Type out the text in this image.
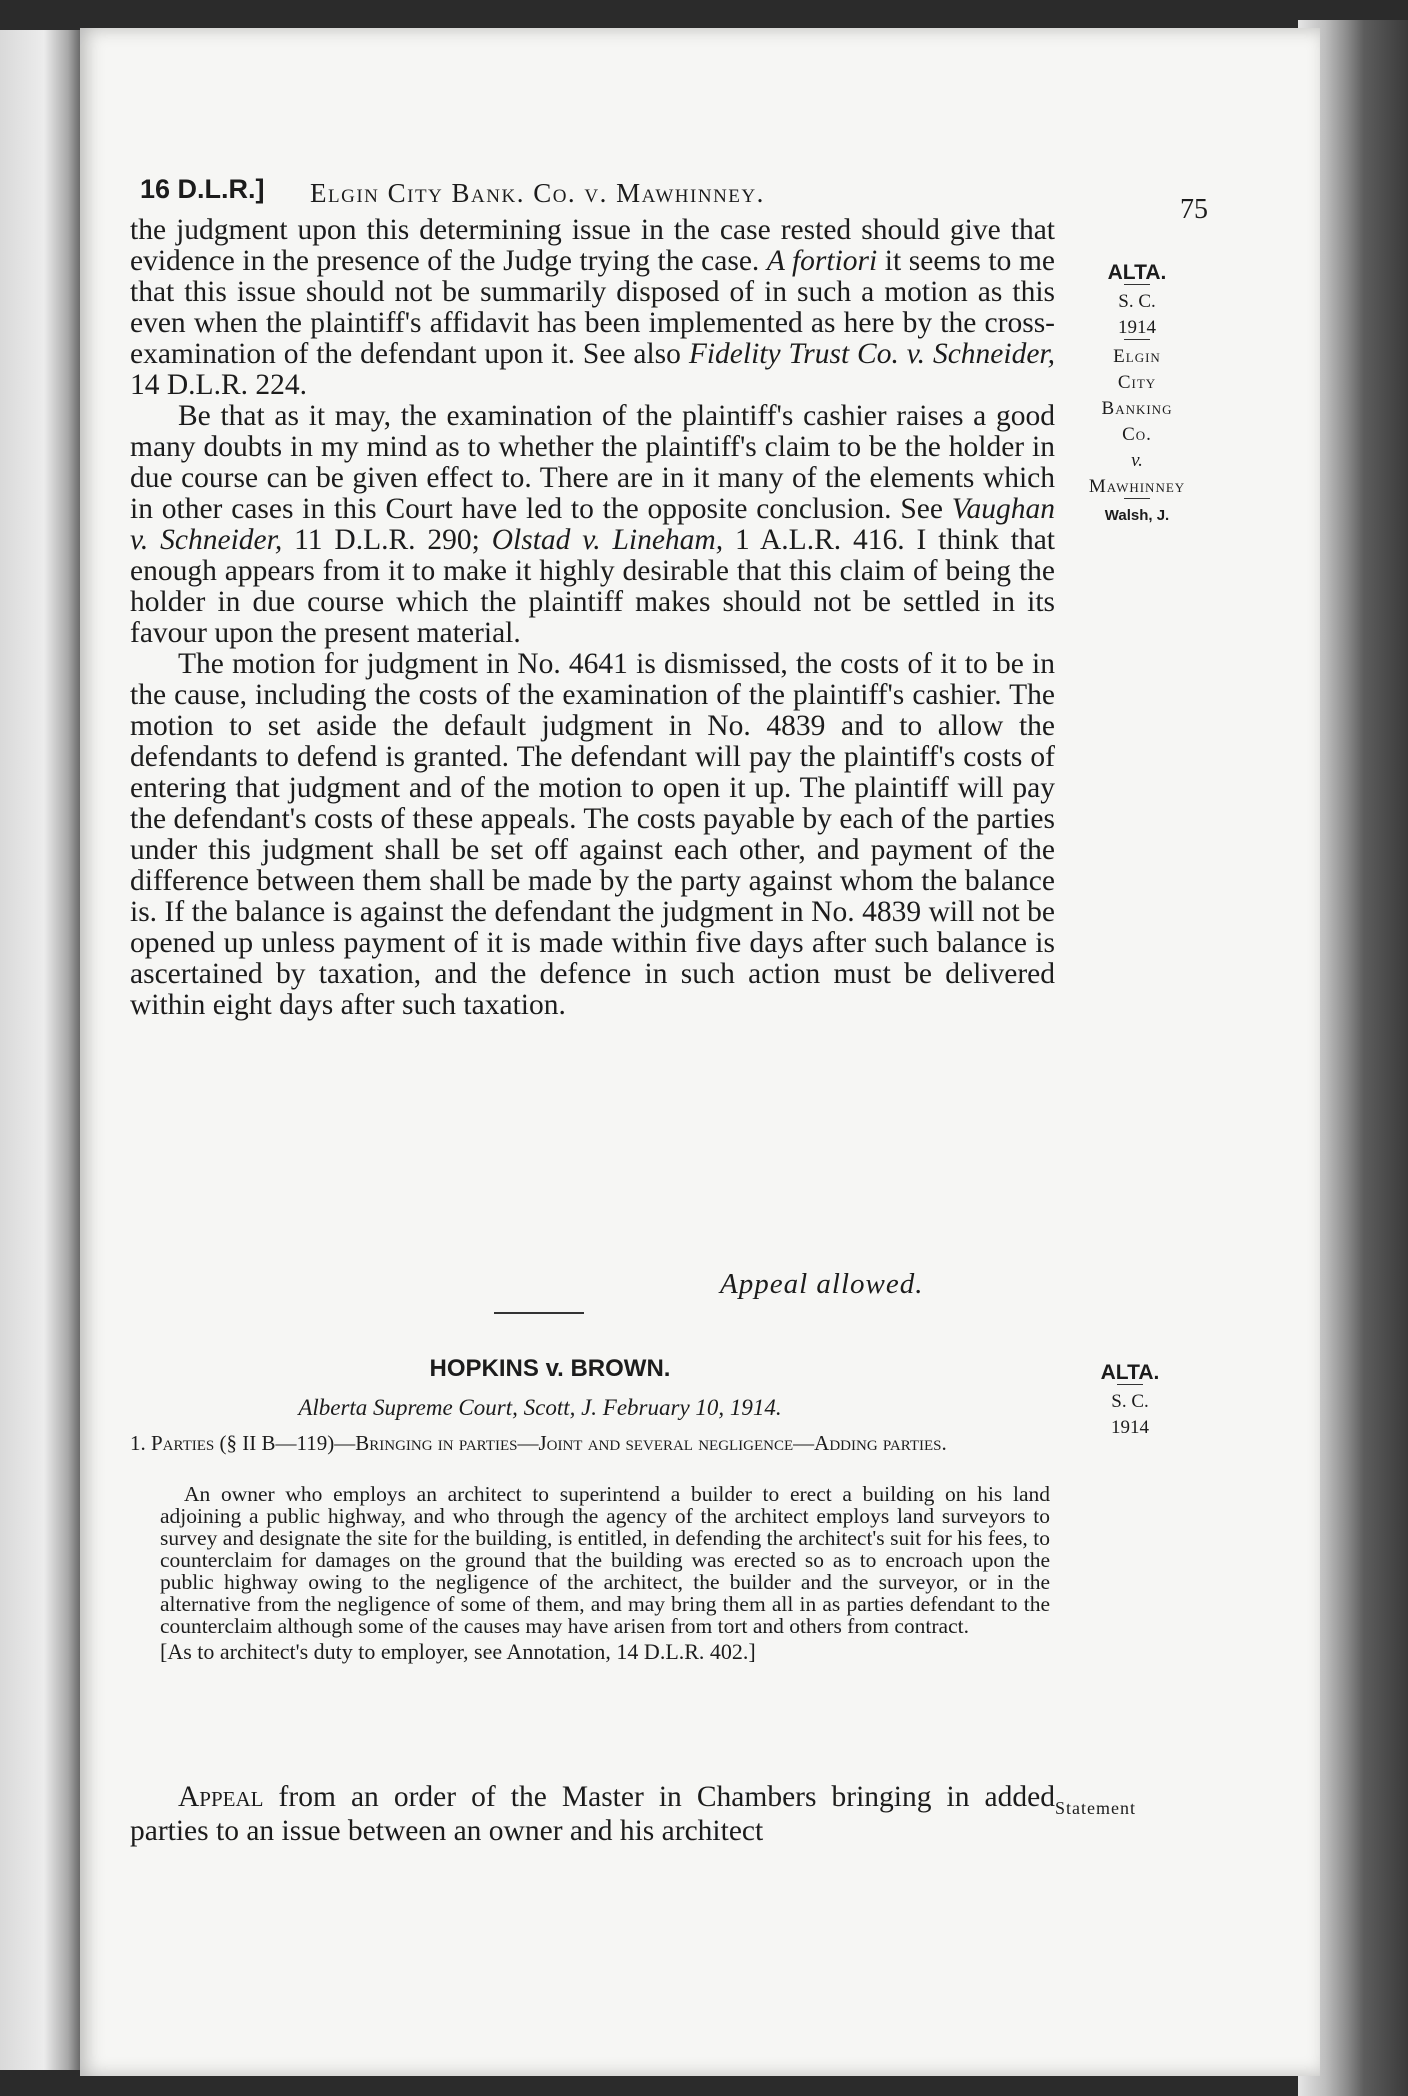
16 D.L.R.] Elgin City Bank. Co. v. Mawhinney.
75

the judgment upon this determining issue in the case rested should give that evidence in the presence of the Judge trying the case. A fortiori it seems to me that this issue should not be summarily disposed of in such a motion as this even when the plaintiff's affidavit has been implemented as here by the cross-examination of the defendant upon it. See also Fidelity Trust Co. v. Schneider, 14 D.L.R. 224.

Be that as it may, the examination of the plaintiff's cashier raises a good many doubts in my mind as to whether the plaintiff's claim to be the holder in due course can be given effect to. There are in it many of the elements which in other cases in this Court have led to the opposite conclusion. See Vaughan v. Schneider, 11 D.L.R. 290; Olstad v. Lineham, 1 A.L.R. 416. I think that enough appears from it to make it highly desirable that this claim of being the holder in due course which the plaintiff makes should not be settled in its favour upon the present material.

The motion for judgment in No. 4641 is dismissed, the costs of it to be in the cause, including the costs of the examination of the plaintiff's cashier. The motion to set aside the default judgment in No. 4839 and to allow the defendants to defend is granted. The defendant will pay the plaintiff's costs of entering that judgment and of the motion to open it up. The plaintiff will pay the defendant's costs of these appeals. The costs payable by each of the parties under this judgment shall be set off against each other, and payment of the difference between them shall be made by the party against whom the balance is. If the balance is against the defendant the judgment in No. 4839 will not be opened up unless payment of it is made within five days after such balance is ascertained by taxation, and the defence in such action must be delivered within eight days after such taxation.

Appeal allowed.
HOPKINS v. BROWN.
Alberta Supreme Court, Scott, J. February 10, 1914.
1. Parties (§ II B—119)—Bringing in parties—Joint and several negligence—Adding parties.

An owner who employs an architect to superintend a builder to erect a building on his land adjoining a public highway, and who through the agency of the architect employs land surveyors to survey and designate the site for the building, is entitled, in defending the architect's suit for his fees, to counterclaim for damages on the ground that the building was erected so as to encroach upon the public highway owing to the negligence of the architect, the builder and the surveyor, or in the alternative from the negligence of some of them, and may bring them all in as parties defendant to the counterclaim although some of the causes may have arisen from tort and others from contract.

[As to architect's duty to employer, see Annotation, 14 D.L.R. 402.]

Appeal from an order of the Master in Chambers bringing in added parties to an issue between an owner and his architect

ALTA.
S. C.
1914
Elgin
City
Banking
Co.
v.
Mawhinney
Walsh, J.
ALTA.
S. C.
1914
Statement
